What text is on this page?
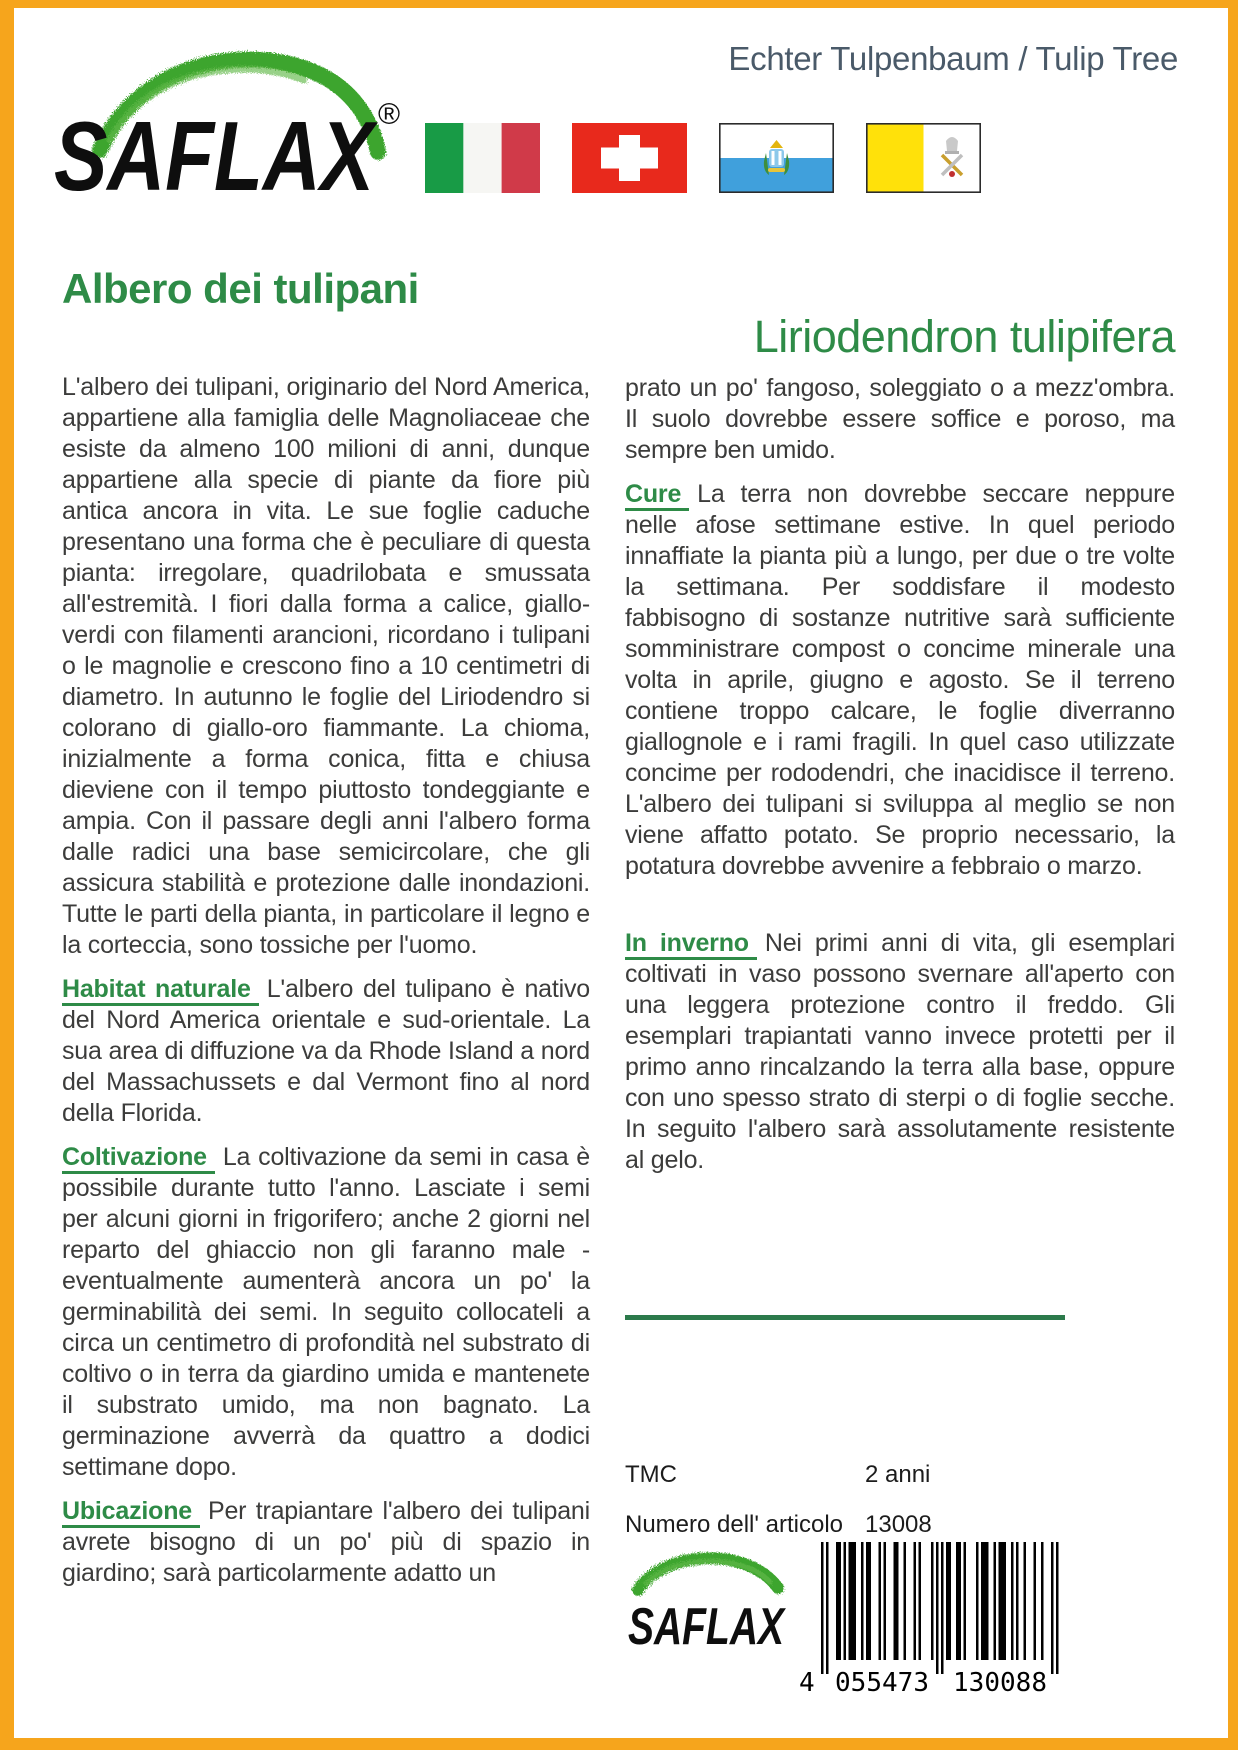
SAFLAX ®
Echter Tulpenbaum / Tulip Tree
Albero dei tulipani

L'albero dei tulipani, originario del Nord America, appartiene alla famiglia delle Magnoliaceae che esiste da almeno 100 milioni di anni, dunque appartiene alla specie di piante da fiore più antica ancora in vita. Le sue foglie caduche presentano una forma che è peculiare di questa pianta: irregolare, quadrilobata e smussata all'estremità. I fiori dalla forma a calice, giallo-verdi con filamenti arancioni, ricordano i tulipani o le magnolie e crescono fino a 10 centimetri di diametro. In autunno le foglie del Liriodendro si colorano di giallo-oro fiammante. La chioma, inizialmente a forma conica, fitta e chiusa dieviene con il tempo piuttosto tondeggiante e ampia. Con il passare degli anni l'albero forma dalle radici una base semicircolare, che gli assicura stabilità e protezione dalle inondazioni. Tutte le parti della pianta, in particolare il legno e la corteccia, sono tossiche per l'uomo.

Habitat naturale L'albero del tulipano è nativo del Nord America orientale e sud-orientale. La sua area di diffuzione va da Rhode Island a nord del Massachussets e dal Vermont fino al nord della Florida.

Coltivazione La coltivazione da semi in casa è possibile durante tutto l'anno. Lasciate i semi per alcuni giorni in frigorifero; anche 2 giorni nel reparto del ghiaccio non gli faranno male - eventualmente aumenterà ancora un po' la germinabilità dei semi. In seguito collocateli a circa un centimetro di profondità nel substrato di coltivo o in terra da giardino umida e mantenete il substrato umido, ma non bagnato. La germinazione avverrà da quattro a dodici settimane dopo.

Ubicazione Per trapiantare l'albero dei tulipani avrete bisogno di un po' più di spazio in giardino; sarà particolarmente adatto un

Liriodendron tulipifera

prato un po' fangoso, soleggiato o a mezz'ombra. Il suolo dovrebbe essere soffice e poroso, ma sempre ben umido.

Cure La terra non dovrebbe seccare neppure nelle afose settimane estive. In quel periodo innaffiate la pianta più a lungo, per due o tre volte la settimana. Per soddisfare il modesto fabbisogno di sostanze nutritive sarà sufficiente somministrare compost o concime minerale una volta in aprile, giugno e agosto. Se il terreno contiene troppo calcare, le foglie diverranno giallognole e i rami fragili. In quel caso utilizzate concime per rododendri, che inacidisce il terreno. L'albero dei tulipani si sviluppa al meglio se non viene affatto potato. Se proprio necessario, la potatura dovrebbe avvenire a febbraio o marzo.

In inverno Nei primi anni di vita, gli esemplari coltivati in vaso possono svernare all'aperto con una leggera protezione contro il freddo. Gli esemplari trapiantati vanno invece protetti per il primo anno rincalzando la terra alla base, oppure con uno spesso strato di sterpi o di foglie secche. In seguito l'albero sarà assolutamente resistente al gelo.

TMC	2 anni
Numero dell' articolo 13008
SAFLAX
4 055473 130088
